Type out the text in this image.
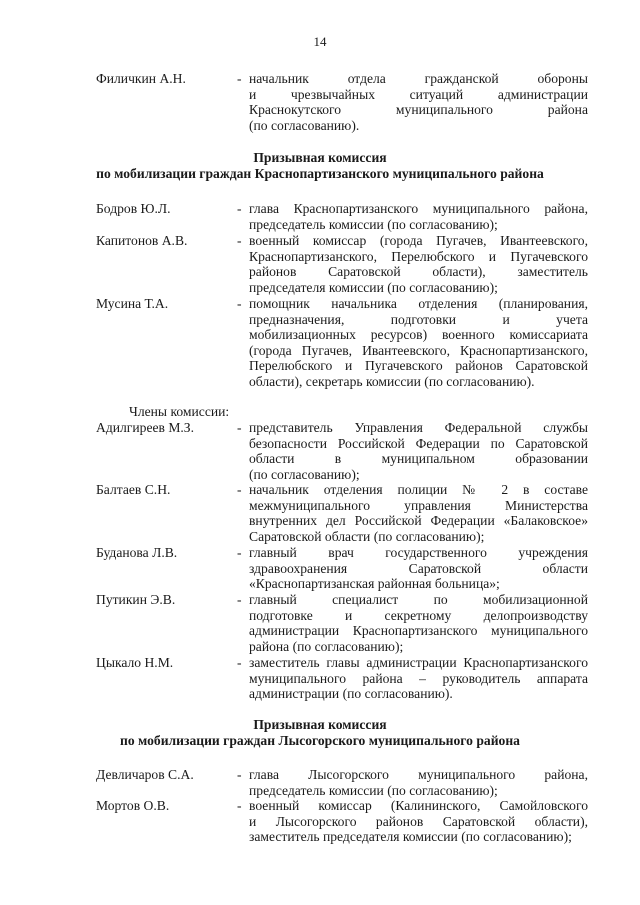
14
Филичкин А.Н.	- начальник отдела гражданской обороны
и чрезвычайных ситуаций администрации
Краснокутского муниципального района
(по согласованию).
Призывная комиссия
по мобилизации граждан Краснопартизанского муниципального района
Бодров Ю.Л.	- глава Краснопартизанского муниципального района,
председатель комиссии (по согласованию);
Капитонов А.В.	- военный комиссар (города Пугачев, Ивантеевского,
Краснопартизанского, Перелюбского и Пугачевского
районов Саратовской области), заместитель
председателя комиссии (по согласованию);
Мусина Т.А.	- помощник начальника отделения (планирования,
предназначения, подготовки и учета
мобилизационных ресурсов) военного комиссариата
(города Пугачев, Ивантеевского, Краснопартизанского,
Перелюбского и Пугачевского районов Саратовской
области), секретарь комиссии (по согласованию).
Члены комиссии:
Адилгиреев М.З.	- представитель Управления Федеральной службы
безопасности Российской Федерации по Саратовской
области в муниципальном образовании
(по согласованию);
Балтаев С.Н.	- начальник отделения полиции № 2 в составе
межмуниципального управления Министерства
внутренних дел Российской Федерации «Балаковское»
Саратовской области (по согласованию);
Буданова Л.В.	- главный врач государственного учреждения
здравоохранения Саратовской области
«Краснопартизанская районная больница»;
Путикин Э.В.	- главный специалист по мобилизационной
подготовке и секретному делопроизводству
администрации Краснопартизанского муниципального
района (по согласованию);
Цыкало Н.М.	- заместитель главы администрации Краснопартизанского
муниципального района – руководитель аппарата
администрации (по согласованию).
Призывная комиссия
по мобилизации граждан Лысогорского муниципального района
Девличаров С.А.	- глава Лысогорского муниципального района,
председатель комиссии (по согласованию);
Мортов О.В.	- военный комиссар (Калининского, Самойловского
и Лысогорского районов Саратовской области),
заместитель председателя комиссии (по согласованию);
